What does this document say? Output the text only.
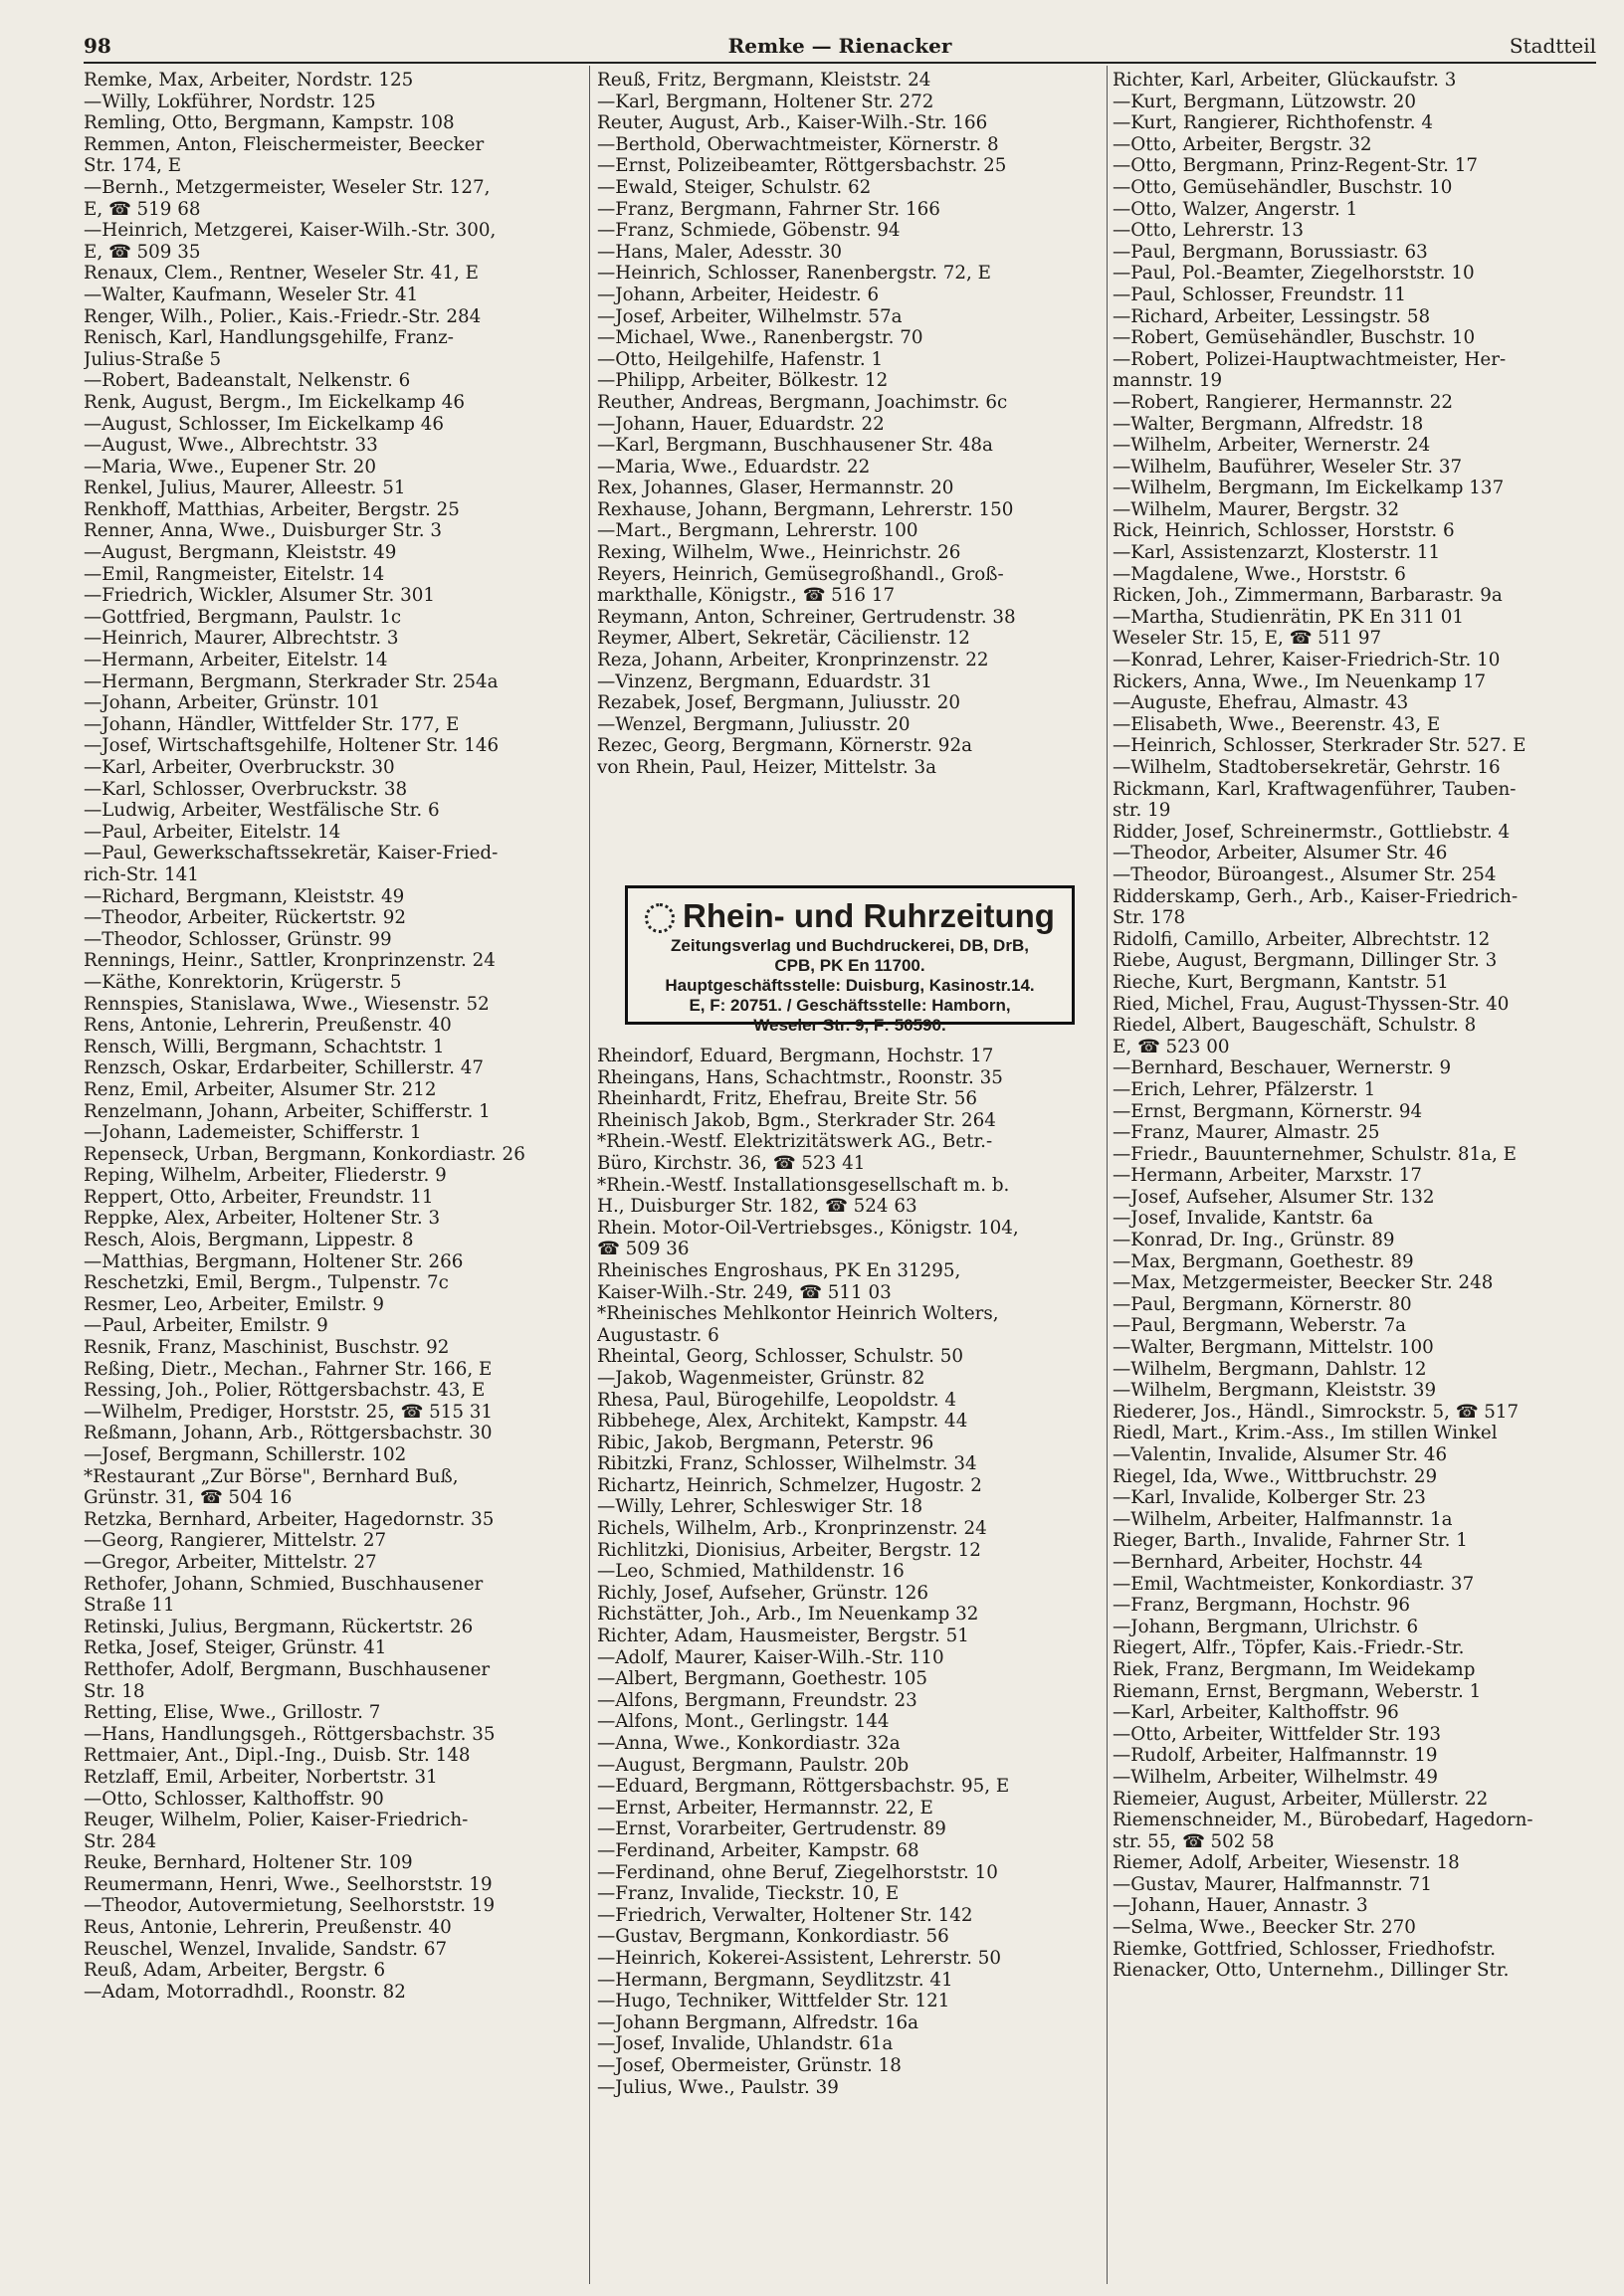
98	Remke — Rienacker	Stadtteil
Remke, Max, Arbeiter, Nordstr. 125
—Willy, Lokführer, Nordstr. 125
Remling, Otto, Bergmann, Kampstr. 108
Remmen, Anton, Fleischermeister, Beecker
Str. 174, E
—Bernh., Metzgermeister, Weseler Str. 127,
E, ☎ 519 68
—Heinrich, Metzgerei, Kaiser-Wilh.-Str. 300,
E, ☎ 509 35
Renaux, Clem., Rentner, Weseler Str. 41, E
—Walter, Kaufmann, Weseler Str. 41
Renger, Wilh., Polier., Kais.-Friedr.-Str. 284
Renisch, Karl, Handlungsgehilfe, Franz-
Julius-Straße 5
—Robert, Badeanstalt, Nelkenstr. 6
Renk, August, Bergm., Im Eickelkamp 46
—August, Schlosser, Im Eickelkamp 46
—August, Wwe., Albrechtstr. 33
—Maria, Wwe., Eupener Str. 20
Renkel, Julius, Maurer, Alleestr. 51
Renkhoff, Matthias, Arbeiter, Bergstr. 25
Renner, Anna, Wwe., Duisburger Str. 3
—August, Bergmann, Kleiststr. 49
—Emil, Rangmeister, Eitelstr. 14
—Friedrich, Wickler, Alsumer Str. 301
—Gottfried, Bergmann, Paulstr. 1c
—Heinrich, Maurer, Albrechtstr. 3
—Hermann, Arbeiter, Eitelstr. 14
—Hermann, Bergmann, Sterkrader Str. 254a
—Johann, Arbeiter, Grünstr. 101
—Johann, Händler, Wittfelder Str. 177, E
—Josef, Wirtschaftsgehilfe, Holtener Str. 146
—Karl, Arbeiter, Overbruckstr. 30
—Karl, Schlosser, Overbruckstr. 38
—Ludwig, Arbeiter, Westfälische Str. 6
—Paul, Arbeiter, Eitelstr. 14
—Paul, Gewerkschaftssekretär, Kaiser-Fried-
rich-Str. 141
—Richard, Bergmann, Kleiststr. 49
—Theodor, Arbeiter, Rückertstr. 92
—Theodor, Schlosser, Grünstr. 99
Rennings, Heinr., Sattler, Kronprinzenstr. 24
—Käthe, Konrektorin, Krügerstr. 5
Rennspies, Stanislawa, Wwe., Wiesenstr. 52
Rens, Antonie, Lehrerin, Preußenstr. 40
Rensch, Willi, Bergmann, Schachtstr. 1
Renzsch, Oskar, Erdarbeiter, Schillerstr. 47
Renz, Emil, Arbeiter, Alsumer Str. 212
Renzelmann, Johann, Arbeiter, Schifferstr. 1
—Johann, Lademeister, Schifferstr. 1
Repenseck, Urban, Bergmann, Konkordiastr. 26
Reping, Wilhelm, Arbeiter, Fliederstr. 9
Reppert, Otto, Arbeiter, Freundstr. 11
Reppke, Alex, Arbeiter, Holtener Str. 3
Resch, Alois, Bergmann, Lippestr. 8
—Matthias, Bergmann, Holtener Str. 266
Reschetzki, Emil, Bergm., Tulpenstr. 7c
Resmer, Leo, Arbeiter, Emilstr. 9
—Paul, Arbeiter, Emilstr. 9
Resnik, Franz, Maschinist, Buschstr. 92
Reßing, Dietr., Mechan., Fahrner Str. 166, E
Ressing, Joh., Polier, Röttgersbachstr. 43, E
—Wilhelm, Prediger, Horststr. 25, ☎ 515 31
Reßmann, Johann, Arb., Röttgersbachstr. 30
—Josef, Bergmann, Schillerstr. 102
*Restaurant „Zur Börse", Bernhard Buß,
Grünstr. 31, ☎ 504 16
Retzka, Bernhard, Arbeiter, Hagedornstr. 35
—Georg, Rangierer, Mittelstr. 27
—Gregor, Arbeiter, Mittelstr. 27
Rethofer, Johann, Schmied, Buschhausener
Straße 11
Retinski, Julius, Bergmann, Rückertstr. 26
Retka, Josef, Steiger, Grünstr. 41
Retthofer, Adolf, Bergmann, Buschhausener
Str. 18
Retting, Elise, Wwe., Grillostr. 7
—Hans, Handlungsgeh., Röttgersbachstr. 35
Rettmaier, Ant., Dipl.-Ing., Duisb. Str. 148
Retzlaff, Emil, Arbeiter, Norbertstr. 31
—Otto, Schlosser, Kalthoffstr. 90
Reuger, Wilhelm, Polier, Kaiser-Friedrich-
Str. 284
Reuke, Bernhard, Holtener Str. 109
Reumermann, Henri, Wwe., Seelhorststr. 19
—Theodor, Autovermietung, Seelhorststr. 19
Reus, Antonie, Lehrerin, Preußenstr. 40
Reuschel, Wenzel, Invalide, Sandstr. 67
Reuß, Adam, Arbeiter, Bergstr. 6
—Adam, Motorradhdl., Roonstr. 82
Reuß, Fritz, Bergmann, Kleiststr. 24
—Karl, Bergmann, Holtener Str. 272
Reuter, August, Arb., Kaiser-Wilh.-Str. 166
—Berthold, Oberwachtmeister, Körnerstr. 8
—Ernst, Polizeibeamter, Röttgersbachstr. 25
—Ewald, Steiger, Schulstr. 62
—Franz, Bergmann, Fahrner Str. 166
—Franz, Schmiede, Göbenstr. 94
—Hans, Maler, Adesstr. 30
—Heinrich, Schlosser, Ranenbergstr. 72, E
—Johann, Arbeiter, Heidestr. 6
—Josef, Arbeiter, Wilhelmstr. 57a
—Michael, Wwe., Ranenbergstr. 70
—Otto, Heilgehilfe, Hafenstr. 1
—Philipp, Arbeiter, Bölkestr. 12
Reuther, Andreas, Bergmann, Joachimstr. 6c
—Johann, Hauer, Eduardstr. 22
—Karl, Bergmann, Buschhausener Str. 48a
—Maria, Wwe., Eduardstr. 22
Rex, Johannes, Glaser, Hermannstr. 20
Rexhause, Johann, Bergmann, Lehrerstr. 150
—Mart., Bergmann, Lehrerstr. 100
Rexing, Wilhelm, Wwe., Heinrichstr. 26
Reyers, Heinrich, Gemüsegroßhandl., Groß-
markthalle, Königstr., ☎ 516 17
Reymann, Anton, Schreiner, Gertrudenstr. 38
Reymer, Albert, Sekretär, Cäcilienstr. 12
Reza, Johann, Arbeiter, Kronprinzenstr. 22
—Vinzenz, Bergmann, Eduardstr. 31
Rezabek, Josef, Bergmann, Juliusstr. 20
—Wenzel, Bergmann, Juliusstr. 20
Rezec, Georg, Bergmann, Körnerstr. 92a
von Rhein, Paul, Heizer, Mittelstr. 3a
Rhein- und Ruhrzeitung
Zeitungsverlag und Buchdruckerei, DB, DrB,
CPB, PK En 11700.
Hauptgeschäftsstelle: Duisburg, Kasinostr.14.
E, F: 20751. / Geschäftsstelle: Hamborn,
Weseler Str. 9, F: 50590.
Rheindorf, Eduard, Bergmann, Hochstr. 17
Rheingans, Hans, Schachtmstr., Roonstr. 35
Rheinhardt, Fritz, Ehefrau, Breite Str. 56
Rheinisch Jakob, Bgm., Sterkrader Str. 264
*Rhein.-Westf. Elektrizitätswerk AG., Betr.-
Büro, Kirchstr. 36, ☎ 523 41
*Rhein.-Westf. Installationsgesellschaft m. b.
H., Duisburger Str. 182, ☎ 524 63
Rhein. Motor-Oil-Vertriebsges., Königstr. 104,
☎ 509 36
Rheinisches Engroshaus, PK En 31295,
Kaiser-Wilh.-Str. 249, ☎ 511 03
*Rheinisches Mehlkontor Heinrich Wolters,
Augustastr. 6
Rheintal, Georg, Schlosser, Schulstr. 50
—Jakob, Wagenmeister, Grünstr. 82
Rhesa, Paul, Bürogehilfe, Leopoldstr. 4
Ribbehege, Alex, Architekt, Kampstr. 44
Ribic, Jakob, Bergmann, Peterstr. 96
Ribitzki, Franz, Schlosser, Wilhelmstr. 34
Richartz, Heinrich, Schmelzer, Hugostr. 2
—Willy, Lehrer, Schleswiger Str. 18
Richels, Wilhelm, Arb., Kronprinzenstr. 24
Richlitzki, Dionisius, Arbeiter, Bergstr. 12
—Leo, Schmied, Mathildenstr. 16
Richly, Josef, Aufseher, Grünstr. 126
Richstätter, Joh., Arb., Im Neuenkamp 32
Richter, Adam, Hausmeister, Bergstr. 51
—Adolf, Maurer, Kaiser-Wilh.-Str. 110
—Albert, Bergmann, Goethestr. 105
—Alfons, Bergmann, Freundstr. 23
—Alfons, Mont., Gerlingstr. 144
—Anna, Wwe., Konkordiastr. 32a
—August, Bergmann, Paulstr. 20b
—Eduard, Bergmann, Röttgersbachstr. 95, E
—Ernst, Arbeiter, Hermannstr. 22, E
—Ernst, Vorarbeiter, Gertrudenstr. 89
—Ferdinand, Arbeiter, Kampstr. 68
—Ferdinand, ohne Beruf, Ziegelhorststr. 10
—Franz, Invalide, Tieckstr. 10, E
—Friedrich, Verwalter, Holtener Str. 142
—Gustav, Bergmann, Konkordiastr. 56
—Heinrich, Kokerei-Assistent, Lehrerstr. 50
—Hermann, Bergmann, Seydlitzstr. 41
—Hugo, Techniker, Wittfelder Str. 121
—Johann Bergmann, Alfredstr. 16a
—Josef, Invalide, Uhlandstr. 61a
—Josef, Obermeister, Grünstr. 18
—Julius, Wwe., Paulstr. 39
Richter, Karl, Arbeiter, Glückaufstr. 3
—Kurt, Bergmann, Lützowstr. 20
—Kurt, Rangierer, Richthofenstr. 4
—Otto, Arbeiter, Bergstr. 32
—Otto, Bergmann, Prinz-Regent-Str. 17
—Otto, Gemüsehändler, Buschstr. 10
—Otto, Walzer, Angerstr. 1
—Otto, Lehrerstr. 13
—Paul, Bergmann, Borussiastr. 63
—Paul, Pol.-Beamter, Ziegelhorststr. 10
—Paul, Schlosser, Freundstr. 11
—Richard, Arbeiter, Lessingstr. 58
—Robert, Gemüsehändler, Buschstr. 10
—Robert, Polizei-Hauptwachtmeister, Her-
mannstr. 19
—Robert, Rangierer, Hermannstr. 22
—Walter, Bergmann, Alfredstr. 18
—Wilhelm, Arbeiter, Wernerstr. 24
—Wilhelm, Bauführer, Weseler Str. 37
—Wilhelm, Bergmann, Im Eickelkamp 137
—Wilhelm, Maurer, Bergstr. 32
Rick, Heinrich, Schlosser, Horststr. 6
—Karl, Assistenzarzt, Klosterstr. 11
—Magdalene, Wwe., Horststr. 6
Ricken, Joh., Zimmermann, Barbarastr. 9a
—Martha, Studienrätin, PK En 311 01
Weseler Str. 15, E, ☎ 511 97
—Konrad, Lehrer, Kaiser-Friedrich-Str. 10
Rickers, Anna, Wwe., Im Neuenkamp 17
—Auguste, Ehefrau, Almastr. 43
—Elisabeth, Wwe., Beerenstr. 43, E
—Heinrich, Schlosser, Sterkrader Str. 527. E
—Wilhelm, Stadtobersekretär, Gehrstr. 16
Rickmann, Karl, Kraftwagenführer, Tauben-
str. 19
Ridder, Josef, Schreinermstr., Gottliebstr. 4
—Theodor, Arbeiter, Alsumer Str. 46
—Theodor, Büroangest., Alsumer Str. 254
Ridderskamp, Gerh., Arb., Kaiser-Friedrich-
Str. 178
Ridolfi, Camillo, Arbeiter, Albrechtstr. 12
Riebe, August, Bergmann, Dillinger Str. 3
Rieche, Kurt, Bergmann, Kantstr. 51
Ried, Michel, Frau, August-Thyssen-Str. 40
Riedel, Albert, Baugeschäft, Schulstr. 8
E, ☎ 523 00
—Bernhard, Beschauer, Wernerstr. 9
—Erich, Lehrer, Pfälzerstr. 1
—Ernst, Bergmann, Körnerstr. 94
—Franz, Maurer, Almastr. 25
—Friedr., Bauunternehmer, Schulstr. 81a, E
—Hermann, Arbeiter, Marxstr. 17
—Josef, Aufseher, Alsumer Str. 132
—Josef, Invalide, Kantstr. 6a
—Konrad, Dr. Ing., Grünstr. 89
—Max, Bergmann, Goethestr. 89
—Max, Metzgermeister, Beecker Str. 248
—Paul, Bergmann, Körnerstr. 80
—Paul, Bergmann, Weberstr. 7a
—Walter, Bergmann, Mittelstr. 100
—Wilhelm, Bergmann, Dahlstr. 12
—Wilhelm, Bergmann, Kleiststr. 39
Riederer, Jos., Händl., Simrockstr. 5, ☎ 517
Riedl, Mart., Krim.-Ass., Im stillen Winkel
—Valentin, Invalide, Alsumer Str. 46
Riegel, Ida, Wwe., Wittbruchstr. 29
—Karl, Invalide, Kolberger Str. 23
—Wilhelm, Arbeiter, Halfmannstr. 1a
Rieger, Barth., Invalide, Fahrner Str. 1
—Bernhard, Arbeiter, Hochstr. 44
—Emil, Wachtmeister, Konkordiastr. 37
—Franz, Bergmann, Hochstr. 96
—Johann, Bergmann, Ulrichstr. 6
Riegert, Alfr., Töpfer, Kais.-Friedr.-Str.
Riek, Franz, Bergmann, Im Weidekamp
Riemann, Ernst, Bergmann, Weberstr. 1
—Karl, Arbeiter, Kalthoffstr. 96
—Otto, Arbeiter, Wittfelder Str. 193
—Rudolf, Arbeiter, Halfmannstr. 19
—Wilhelm, Arbeiter, Wilhelmstr. 49
Riemeier, August, Arbeiter, Müllerstr. 22
Riemenschneider, M., Bürobedarf, Hagedorn-
str. 55, ☎ 502 58
Riemer, Adolf, Arbeiter, Wiesenstr. 18
—Gustav, Maurer, Halfmannstr. 71
—Johann, Hauer, Annastr. 3
—Selma, Wwe., Beecker Str. 270
Riemke, Gottfried, Schlosser, Friedhofstr.
Rienacker, Otto, Unternehm., Dillinger Str.
